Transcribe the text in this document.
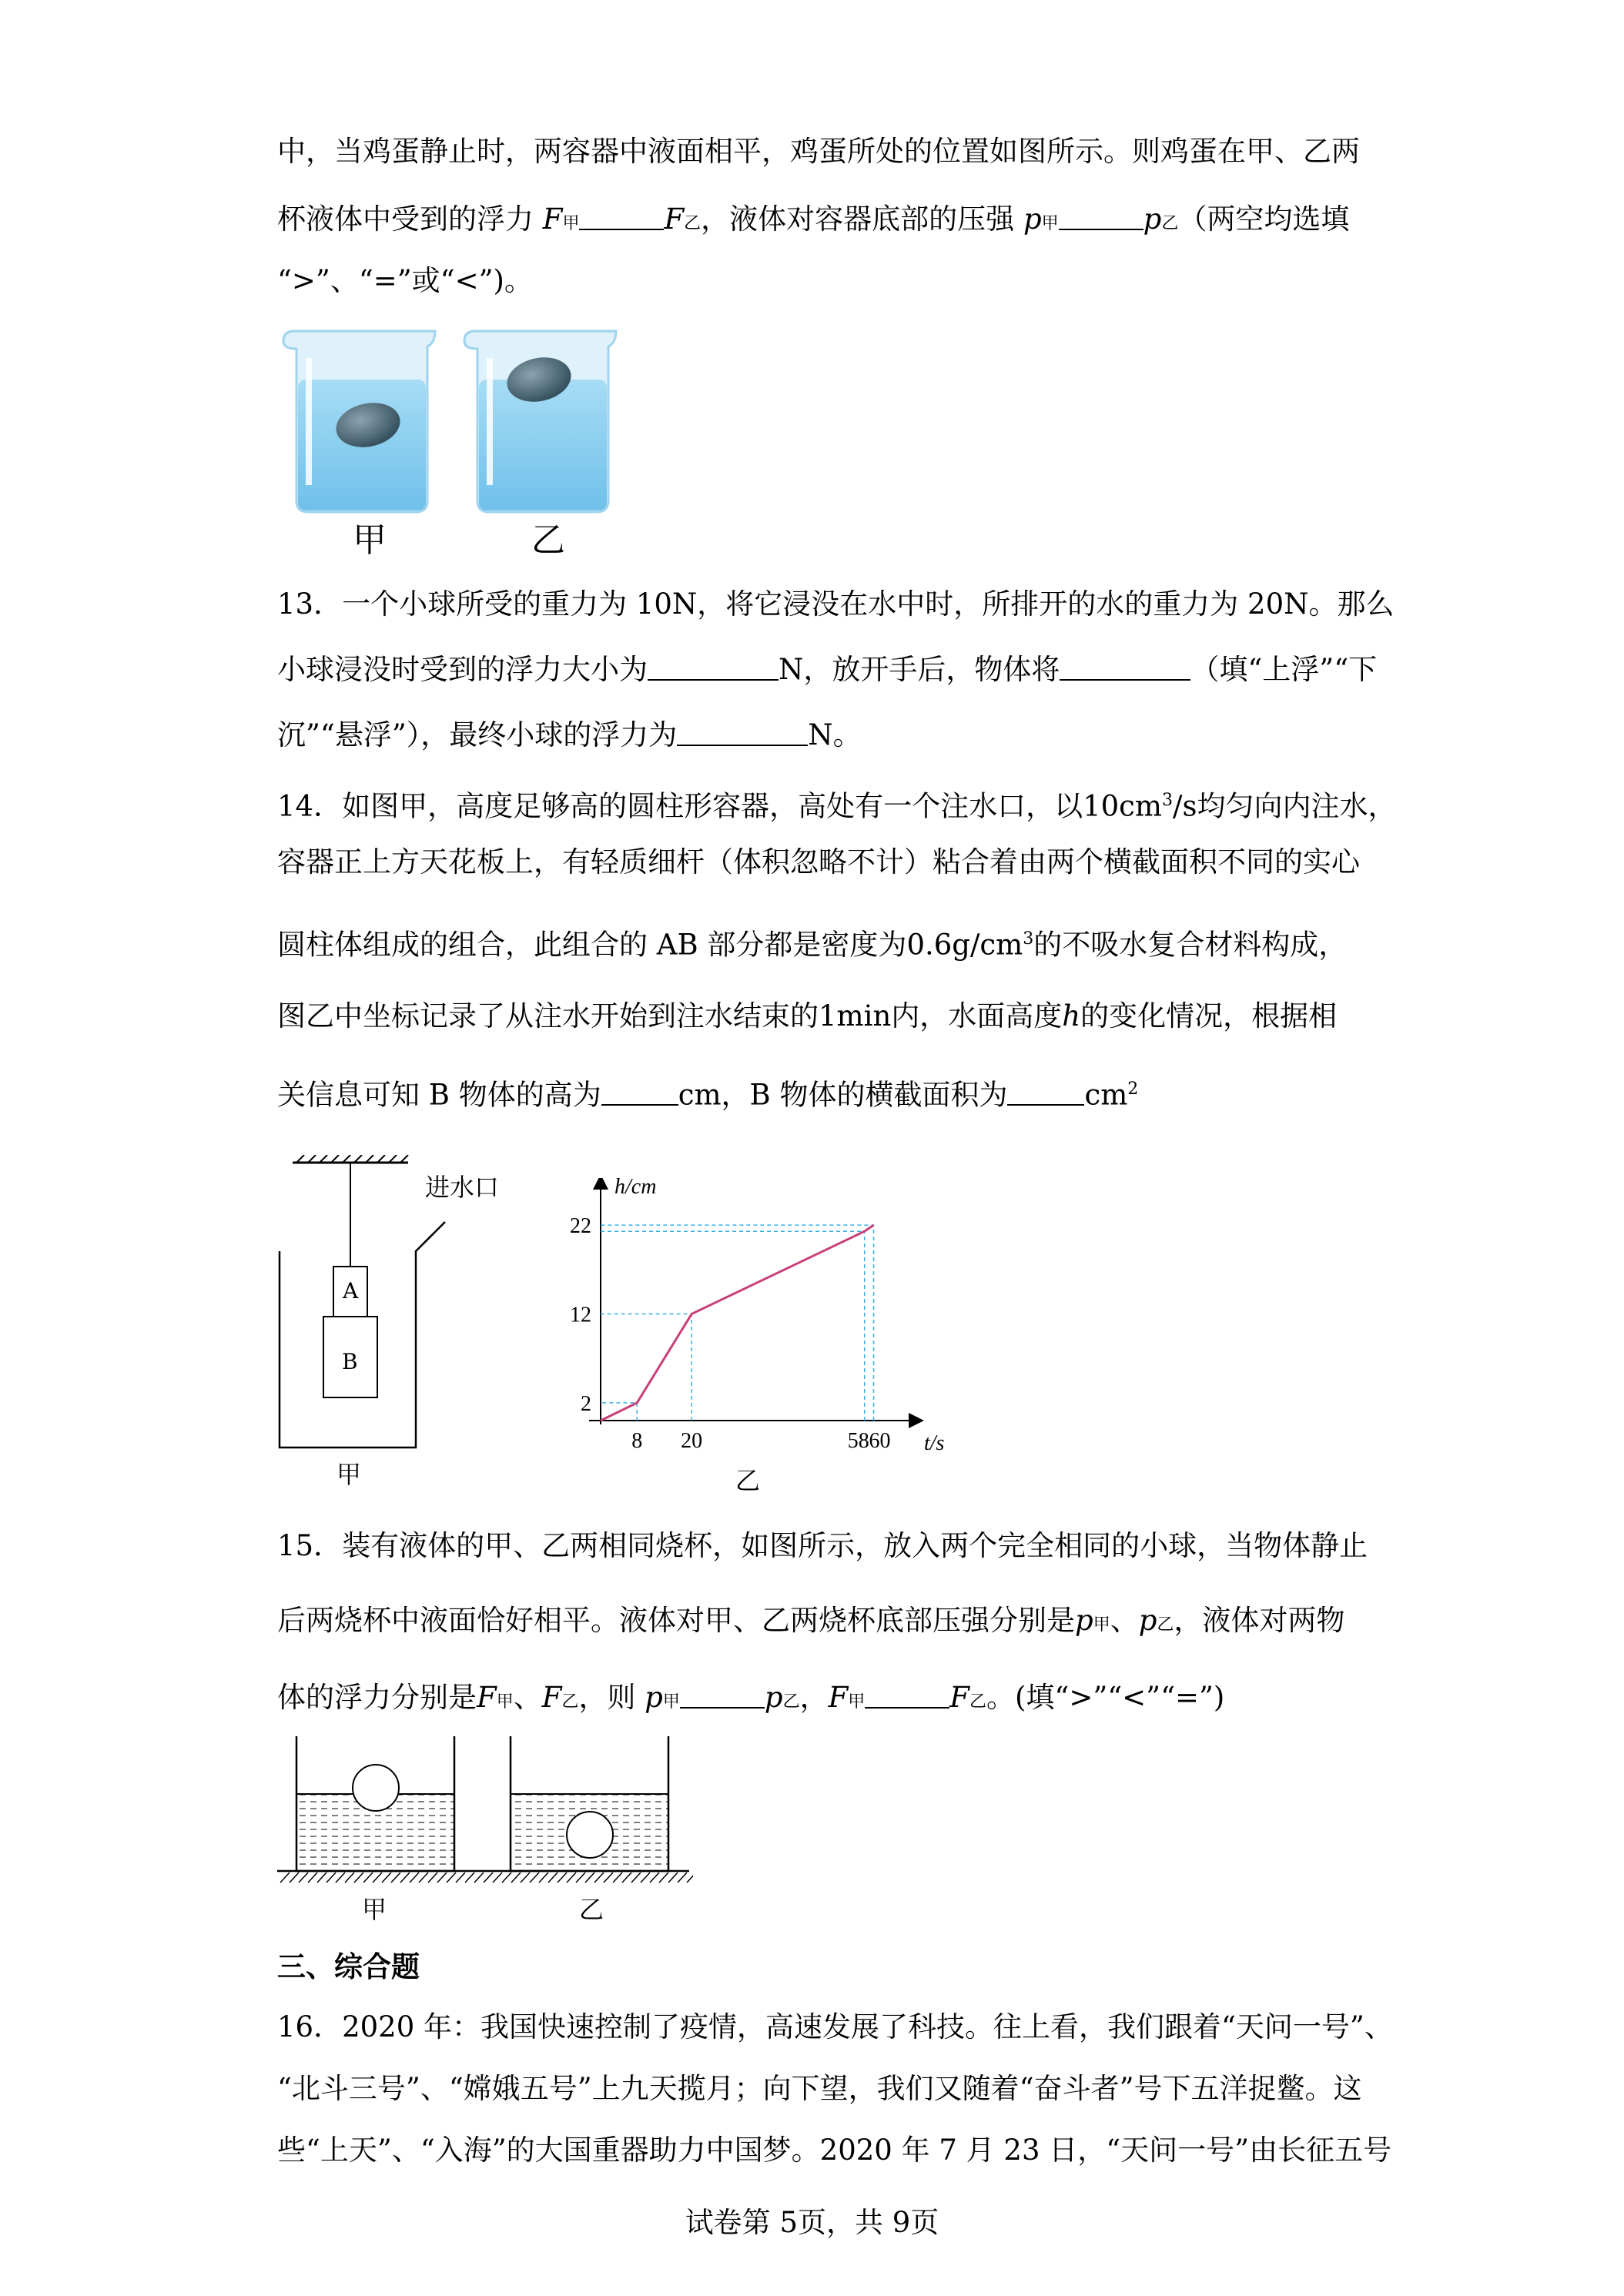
中，当鸡蛋静止时，两容器中液面相平，鸡蛋所处的位置如图所示。则鸡蛋在甲、乙两
杯液体中受到的浮力 F甲	F乙，液体对容器底部的压强 p甲	p乙（两空均选填
“>”、“=”或“<”)。
甲	乙
13．一个小球所受的重力为 10N，将它浸没在水中时，所排开的水的重力为 20N。那么
小球浸没时受到的浮力大小为	N，放开手后，物体将	（填“上浮”“下
沉”“悬浮”），最终小球的浮力为	N。
14．如图甲，高度足够高的圆柱形容器，高处有一个注水口，以$10cm^3/s$均匀向内注水，
容器正上方天花板上，有轻质细杆（体积忽略不计）粘合着由两个横截面积不同的实心
圆柱体组成的组合，此组合的 AB 部分都是密度为$0.6g/cm^3$的不吸水复合材料构成，
图乙中坐标记录了从注水开始到注水结束的1min内，水面高度h的变化情况，根据相
关信息可知 B 物体的高为	cm，B 物体的横截面积为	$cm^2$
进水口
A
B
甲
8 20	58 60
2
12
22
h/cm
t/s
乙
15．装有液体的甲、乙两相同烧杯，如图所示，放入两个完全相同的小球，当物体静止
后两烧杯中液面恰好相平。液体对甲、乙两烧杯底部压强分别是p甲、p乙，液体对两物
体的浮力分别是F甲、F乙，则 p甲	p乙，F甲	F乙。(填“>”“<”“=”)
甲	乙
三、综合题
16．2020 年：我国快速控制了疫情，高速发展了科技。往上看，我们跟着“天问一号”、
“北斗三号”、“嫦娥五号”上九天揽月；向下望，我们又随着“奋斗者”号下五洋捉鳖。这
些“上天”、“入海”的大国重器助力中国梦。2020 年 7 月 23 日，“天问一号”由长征五号
试卷第 5页，共 9页
